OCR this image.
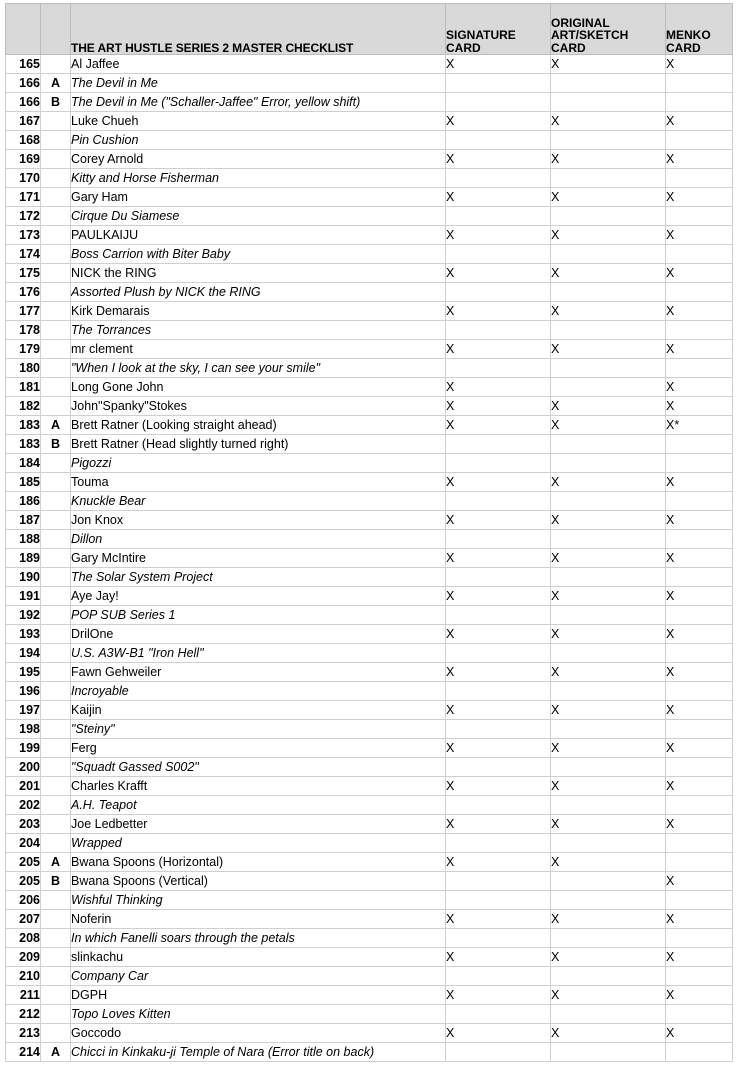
		THE ART HUSTLE SERIES 2 MASTER CHECKLIST	SIGNATURE CARD	ORIGINAL ART/SKETCH CARD	MENKO CARD
165		Al Jaffee	X	X	X
166	A	The Devil in Me			
166	B	The Devil in Me ("Schaller-Jaffee" Error, yellow shift)			
167		Luke Chueh	X	X	X
168		Pin Cushion			
169		Corey Arnold	X	X	X
170		Kitty and Horse Fisherman			
171		Gary Ham	X	X	X
172		Cirque Du Siamese			
173		PAULKAIJU	X	X	X
174		Boss Carrion with Biter Baby			
175		NICK the RING	X	X	X
176		Assorted Plush by NICK the RING			
177		Kirk Demarais	X	X	X
178		The Torrances			
179		mr clement	X	X	X
180		"When I look at the sky, I can see your smile"			
181		Long Gone John	X		X
182		John"Spanky"Stokes	X	X	X
183	A	Brett Ratner (Looking straight ahead)	X	X	X*
183	B	Brett Ratner (Head slightly turned right)			
184		Pigozzi			
185		Touma	X	X	X
186		Knuckle Bear			
187		Jon Knox	X	X	X
188		Dillon			
189		Gary McIntire	X	X	X
190		The Solar System Project			
191		Aye Jay!	X	X	X
192		POP SUB Series 1			
193		DrilOne	X	X	X
194		U.S. A3W-B1 "Iron Hell"			
195		Fawn Gehweiler	X	X	X
196		Incroyable			
197		Kaijin	X	X	X
198		"Steiny"			
199		Ferg	X	X	X
200		"Squadt Gassed S002"			
201		Charles Krafft	X	X	X
202		A.H. Teapot			
203		Joe Ledbetter	X	X	X
204		Wrapped			
205	A	Bwana Spoons (Horizontal)	X	X	
205	B	Bwana Spoons (Vertical)			X
206		Wishful Thinking			
207		Noferin	X	X	X
208		In which Fanelli soars through the petals			
209		slinkachu	X	X	X
210		Company Car			
211		DGPH	X	X	X
212		Topo Loves Kitten			
213		Goccodo	X	X	X
214	A	Chicci in Kinkaku-ji Temple of Nara (Error title on back)			
